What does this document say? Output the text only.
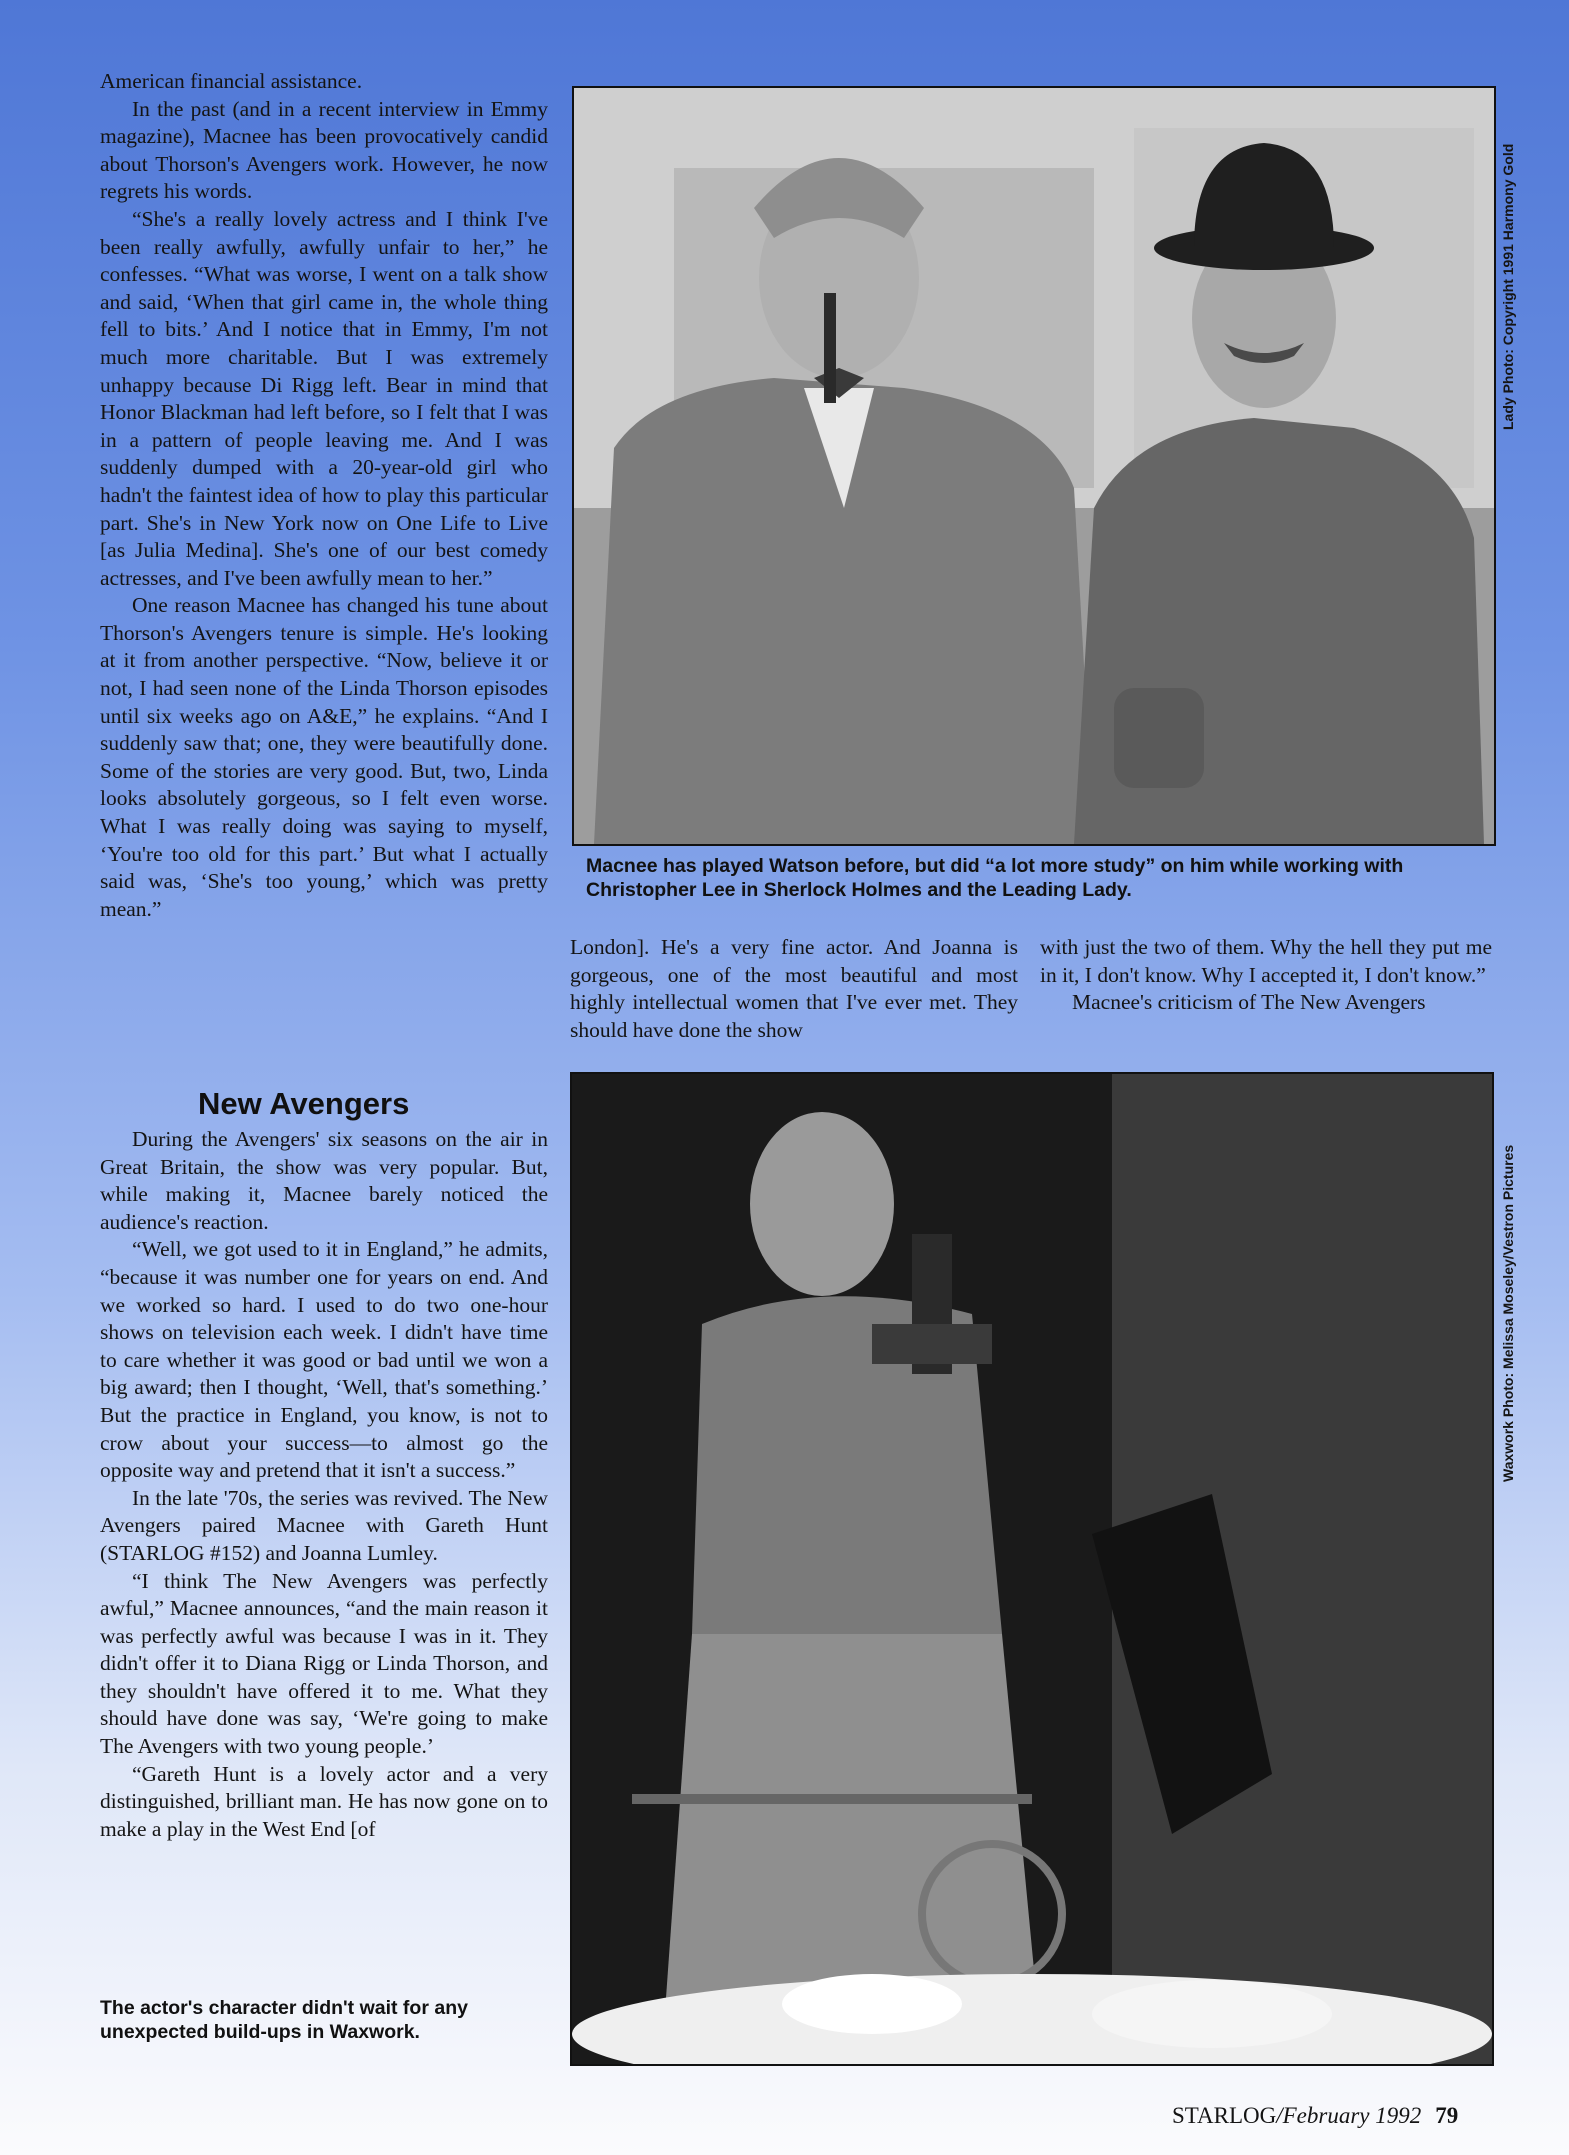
American financial assistance.

In the past (and in a recent interview in Emmy magazine), Macnee has been provocatively candid about Thorson's Avengers work. However, he now regrets his words.

“She's a really lovely actress and I think I've been really awfully, awfully unfair to her,” he confesses. “What was worse, I went on a talk show and said, ‘When that girl came in, the whole thing fell to bits.’ And I notice that in Emmy, I'm not much more charitable. But I was extremely unhappy because Di Rigg left. Bear in mind that Honor Blackman had left before, so I felt that I was in a pattern of people leaving me. And I was suddenly dumped with a 20-year-old girl who hadn't the faintest idea of how to play this particular part. She's in New York now on One Life to Live [as Julia Medina]. She's one of our best comedy actresses, and I've been awfully mean to her.”

One reason Macnee has changed his tune about Thorson's Avengers tenure is simple. He's looking at it from another perspective. “Now, believe it or not, I had seen none of the Linda Thorson episodes until six weeks ago on A&E,” he explains. “And I suddenly saw that; one, they were beautifully done. Some of the stories are very good. But, two, Linda looks absolutely gorgeous, so I felt even worse. What I was really doing was saying to myself, ‘You're too old for this part.’ But what I actually said was, ‘She's too young,’ which was pretty mean.”

New Avengers

During the Avengers' six seasons on the air in Great Britain, the show was very popular. But, while making it, Macnee barely noticed the audience's reaction.

“Well, we got used to it in England,” he admits, “because it was number one for years on end. And we worked so hard. I used to do two one-hour shows on television each week. I didn't have time to care whether it was good or bad until we won a big award; then I thought, ‘Well, that's something.’ But the practice in England, you know, is not to crow about your success—to almost go the opposite way and pretend that it isn't a success.”

In the late '70s, the series was revived. The New Avengers paired Macnee with Gareth Hunt (STARLOG #152) and Joanna Lumley.

“I think The New Avengers was perfectly awful,” Macnee announces, “and the main reason it was perfectly awful was because I was in it. They didn't offer it to Diana Rigg or Linda Thorson, and they shouldn't have offered it to me. What they should have done was say, ‘We're going to make The Avengers with two young people.’

“Gareth Hunt is a lovely actor and a very distinguished, brilliant man. He has now gone on to make a play in the West End [of

Lady Photo: Copyright 1991 Harmony Gold
Macnee has played Watson before, but did “a lot more study” on him while working with Christopher Lee in Sherlock Holmes and the Leading Lady.

London]. He's a very fine actor. And Joanna is gorgeous, one of the most beautiful and most highly intellectual women that I've ever met. They should have done the show

with just the two of them. Why the hell they put me in it, I don't know. Why I accepted it, I don't know.”

Macnee's criticism of The New Avengers

Waxwork Photo: Melissa Moseley/Vestron Pictures
The actor's character didn't wait for any unexpected build-ups in Waxwork.
STARLOG/February 1992 79
